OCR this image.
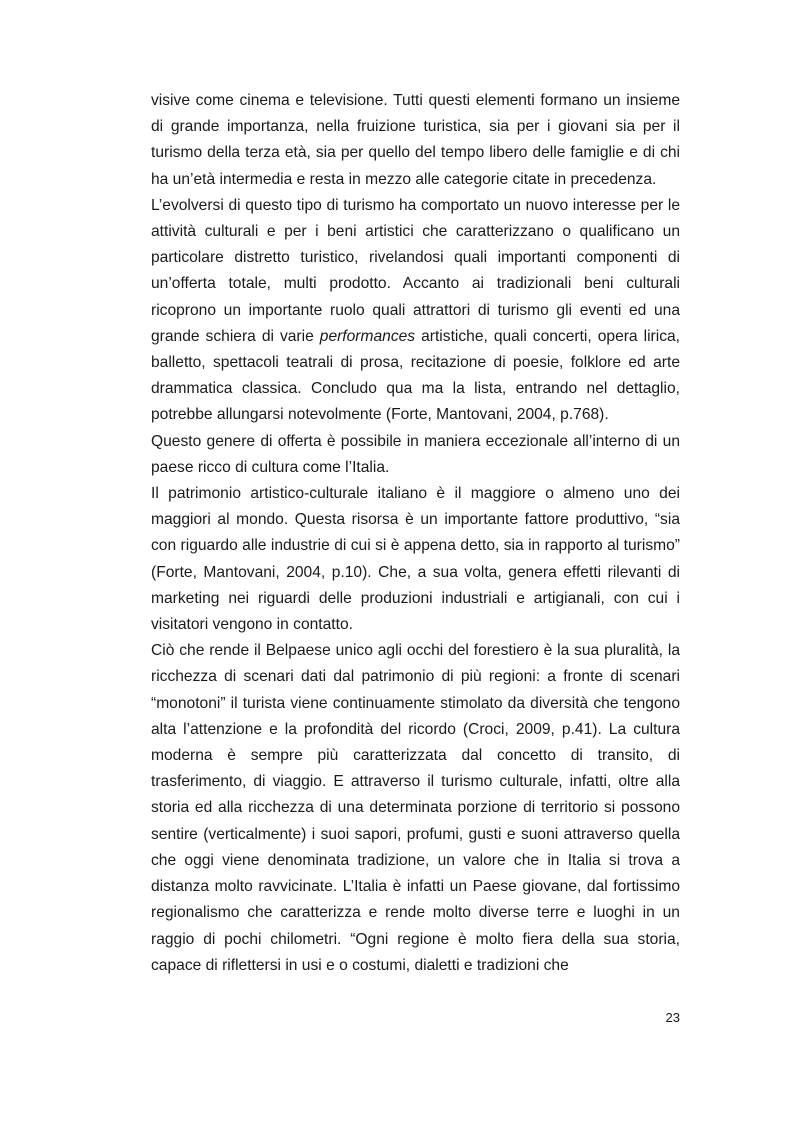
visive come cinema e televisione. Tutti questi elementi formano un insieme di grande importanza, nella fruizione turistica, sia per i giovani sia per il turismo della terza età, sia per quello del tempo libero delle famiglie e di chi ha un’età intermedia e resta in mezzo alle categorie citate in precedenza.

L’evolversi di questo tipo di turismo ha comportato un nuovo interesse per le attività culturali e per i beni artistici che caratterizzano o qualificano un particolare distretto turistico, rivelandosi quali importanti componenti di un’offerta totale, multi prodotto. Accanto ai tradizionali beni culturali ricoprono un importante ruolo quali attrattori di turismo gli eventi ed una grande schiera di varie performances artistiche, quali concerti, opera lirica, balletto, spettacoli teatrali di prosa, recitazione di poesie, folklore ed arte drammatica classica. Concludo qua ma la lista, entrando nel dettaglio, potrebbe allungarsi notevolmente (Forte, Mantovani, 2004, p.768).

Questo genere di offerta è possibile in maniera eccezionale all’interno di un paese ricco di cultura come l’Italia.

Il patrimonio artistico-culturale italiano è il maggiore o almeno uno dei maggiori al mondo. Questa risorsa è un importante fattore produttivo, “sia con riguardo alle industrie di cui si è appena detto, sia in rapporto al turismo” (Forte, Mantovani, 2004, p.10). Che, a sua volta, genera effetti rilevanti di marketing nei riguardi delle produzioni industriali e artigianali, con cui i visitatori vengono in contatto.

Ciò che rende il Belpaese unico agli occhi del forestiero è la sua pluralità, la ricchezza di scenari dati dal patrimonio di più regioni: a fronte di scenari “monotoni” il turista viene continuamente stimolato da diversità che tengono alta l’attenzione e la profondità del ricordo (Croci, 2009, p.41). La cultura moderna è sempre più caratterizzata dal concetto di transito, di trasferimento, di viaggio. E attraverso il turismo culturale, infatti, oltre alla storia ed alla ricchezza di una determinata porzione di territorio si possono sentire (verticalmente) i suoi sapori, profumi, gusti e suoni attraverso quella che oggi viene denominata tradizione, un valore che in Italia si trova a distanza molto ravvicinate. L’Italia è infatti un Paese giovane, dal fortissimo regionalismo che caratterizza e rende molto diverse terre e luoghi in un raggio di pochi chilometri. “Ogni regione è molto fiera della sua storia, capace di riflettersi in usi e o costumi, dialetti e tradizioni che

23
